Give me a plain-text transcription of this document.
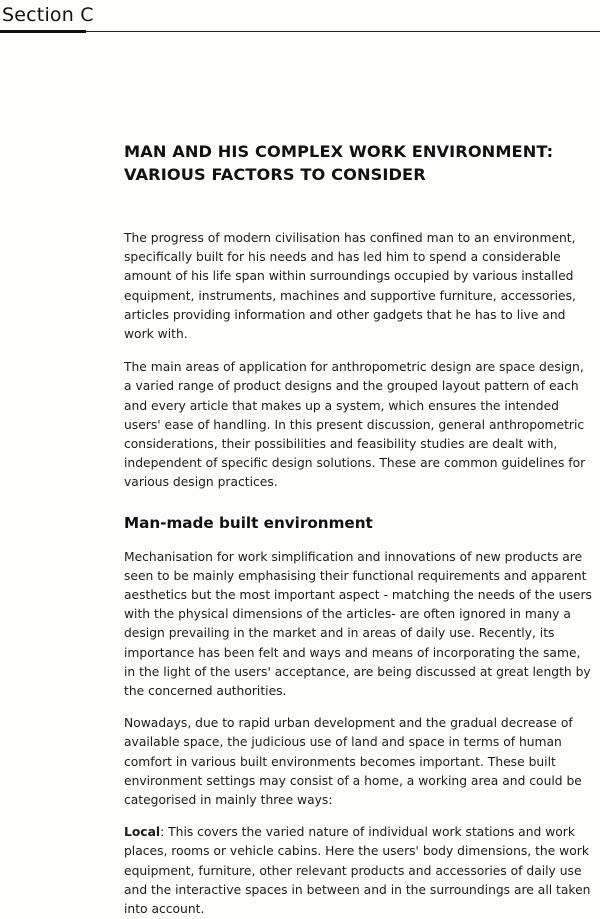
Section C
MAN AND HIS COMPLEX WORK ENVIRONMENT:
VARIOUS FACTORS TO CONSIDER

The progress of modern civilisation has confined man to an environment, specifically built for his needs and has led him to spend a considerable amount of his life span within surroundings occupied by various installed equipment, instruments, machines and supportive furniture, accessories, articles providing information and other gadgets that he has to live and work with.

The main areas of application for anthropometric design are space design, a varied range of product designs and the grouped layout pattern of each and every article that makes up a system, which ensures the intended users' ease of handling. In this present discussion, general anthropometric considerations, their possibilities and feasibility studies are dealt with, independent of specific design solutions. These are common guidelines for various design practices.

Man-made built environment

Mechanisation for work simplification and innovations of new products are seen to be mainly emphasising their functional requirements and apparent aesthetics but the most important aspect - matching the needs of the users with the physical dimensions of the articles- are often ignored in many a design prevailing in the market and in areas of daily use. Recently, its importance has been felt and ways and means of incorporating the same, in the light of the users' acceptance, are being discussed at great length by the concerned authorities.

Nowadays, due to rapid urban development and the gradual decrease of available space, the judicious use of land and space in terms of human comfort in various built environments becomes important. These built environment settings may consist of a home, a working area and could be categorised in mainly three ways:

Local: This covers the varied nature of individual work stations and work places, rooms or vehicle cabins. Here the users' body dimensions, the work equipment, furniture, other relevant products and accessories of daily use and the interactive spaces in between and in the surroundings are all taken into account.
